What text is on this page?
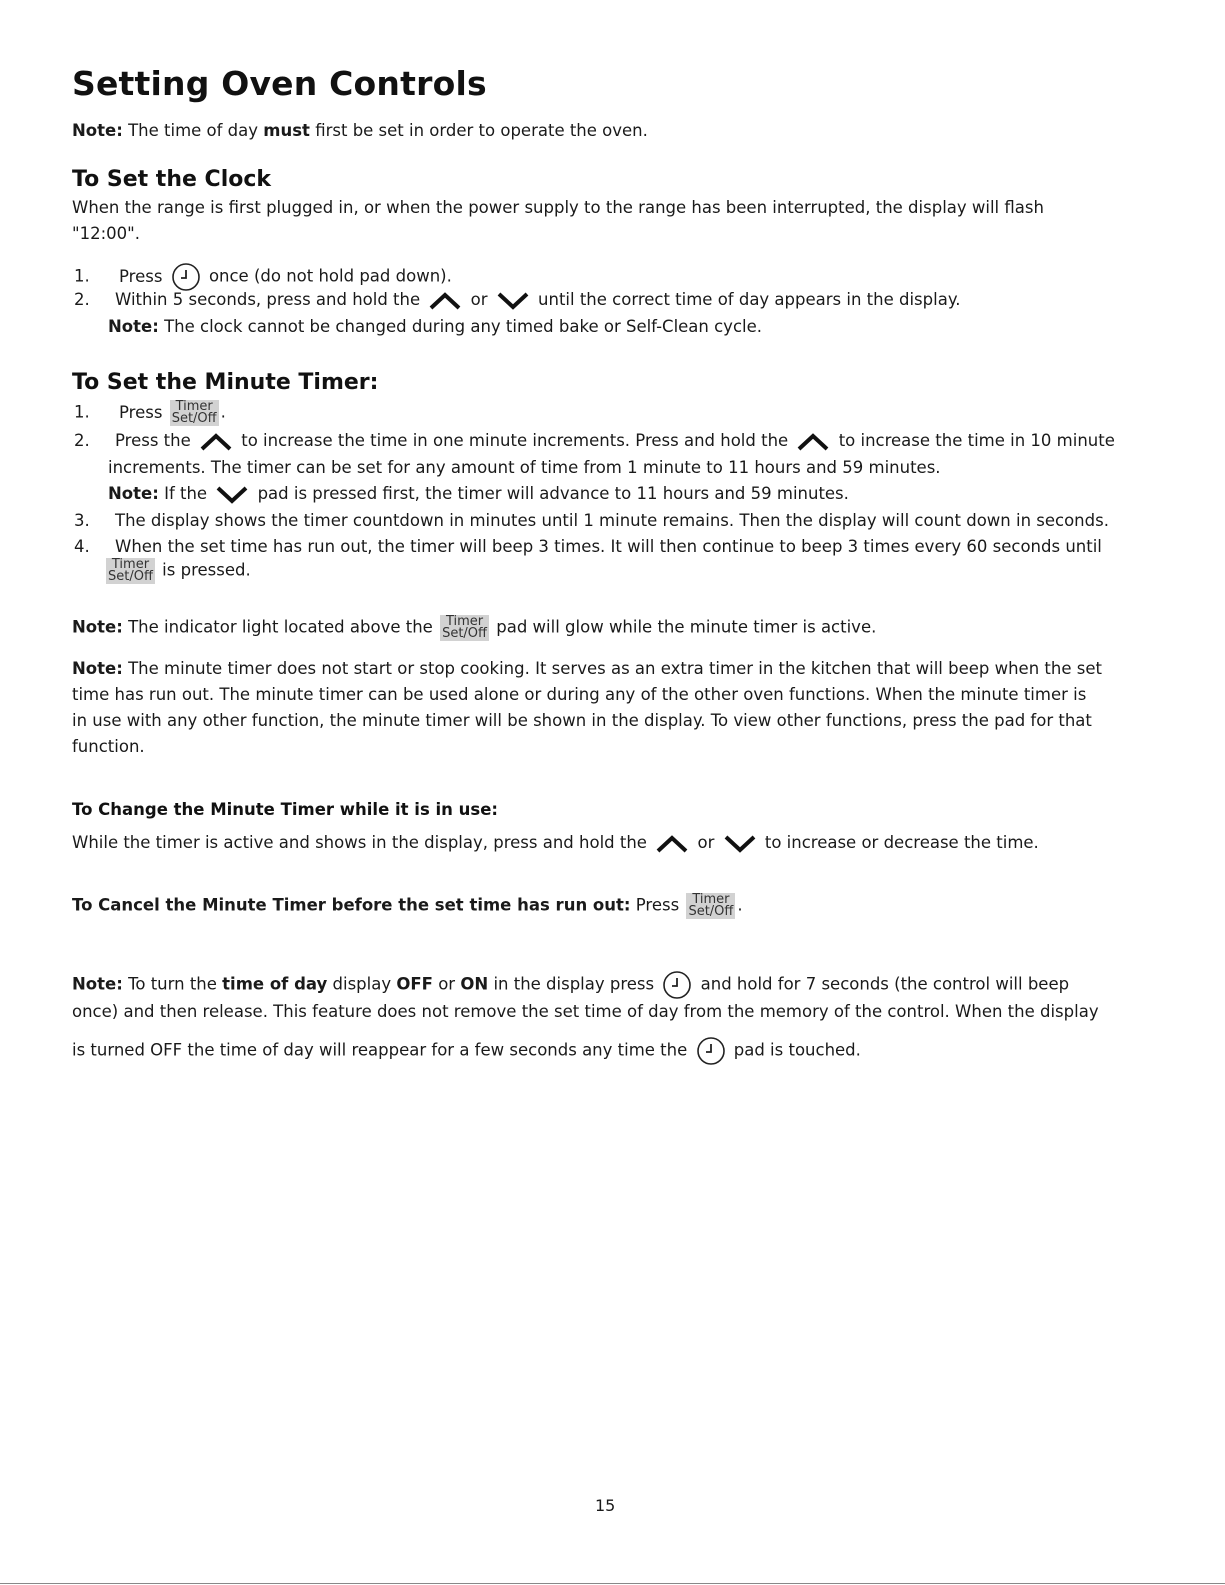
Setting Oven Controls
Note: The time of day must first be set in order to operate the oven.
To Set the Clock
When the range is first plugged in, or when the power supply to the range has been interrupted, the display will flash
"12:00".
1. Press	once (do not hold pad down).
2. Within 5 seconds, press and hold the	or	until the correct time of day appears in the display.
Note: The clock cannot be changed during any timed bake or Self-Clean cycle.
To Set the Minute Timer:
1. Press Timer
Set/Off .
2. Press the	to increase the time in one minute increments. Press and hold the	to increase the time in 10 minute
increments. The timer can be set for any amount of time from 1 minute to 11 hours and 59 minutes.
Note: If the	pad is pressed first, the timer will advance to 11 hours and 59 minutes.
3. The display shows the timer countdown in minutes until 1 minute remains. Then the display will count down in seconds.
4. When the set time has run out, the timer will beep 3 times. It will then continue to beep 3 times every 60 seconds until
Timer
Set/Off is pressed.
Note: The indicator light located above the Timer
Set/Off pad will glow while the minute timer is active.
Note: The minute timer does not start or stop cooking. It serves as an extra timer in the kitchen that will beep when the set
time has run out. The minute timer can be used alone or during any of the other oven functions. When the minute timer is
in use with any other function, the minute timer will be shown in the display. To view other functions, press the pad for that
function.
To Change the Minute Timer while it is in use:
While the timer is active and shows in the display, press and hold the	or	to increase or decrease the time.
To Cancel the Minute Timer before the set time has run out: Press Timer
Set/Off .
Note: To turn the time of day display OFF or ON in the display press	and hold for 7 seconds (the control will beep
once) and then release. This feature does not remove the set time of day from the memory of the control. When the display
is turned OFF the time of day will reappear for a few seconds any time the	pad is touched.
15
